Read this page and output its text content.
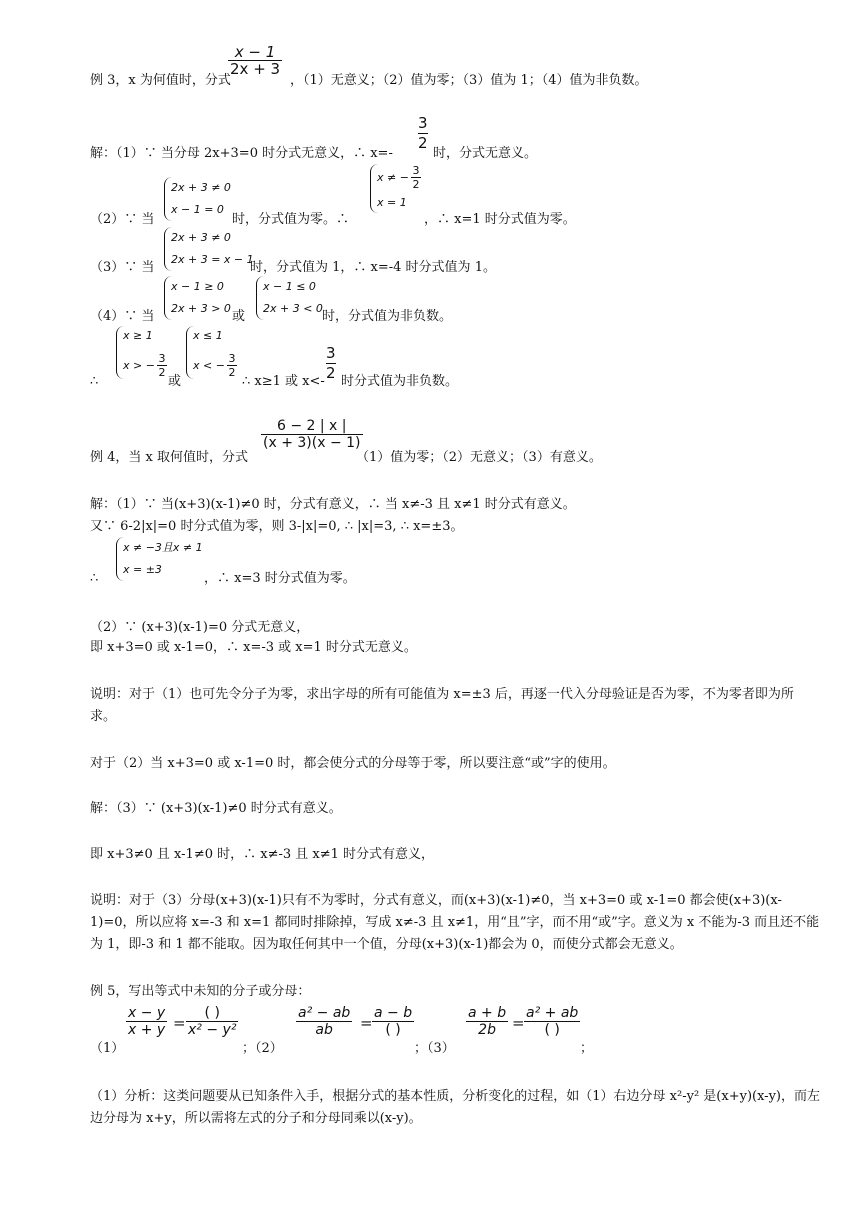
x − 1
2x + 3
例 3，x 为何值时，分式	，（1）无意义；（2）值为零；（3）值为 1；（4）值为非负数。
解：（1）∵ 当分母 2x+3=0 时分式无意义，∴ x=-
3
2
时，分式无意义。
（2）∵ 当
2x + 3 ≠ 0
x − 1 = 0
时，分式值为零。∴
x ≠ − 3
2
x = 1
，∴ x=1 时分式值为零。
（3）∵ 当
2x + 3 ≠ 0
2x + 3 = x − 1
时，分式值为 1，∴ x=-4 时分式值为 1。
（4）∵ 当
x − 1 ≥ 0
2x + 3 > 0
或
x − 1 ≤ 0
2x + 3 < 0
时，分式值为非负数。
∴
x ≥ 1
x > − 3
2
或
x ≤ 1
x < − 3
2
∴ x≥1 或 x<-
3
2 时分式值为非负数。
例 4，当 x 取何值时，分式
6 − 2 | x |
(x + 3)(x − 1)
（1）值为零；（2）无意义；（3）有意义。
解：（1）∵ 当(x+3)(x-1)≠0 时，分式有意义，∴ 当 x≠-3 且 x≠1 时分式有意义。
又∵ 6-2|x|=0 时分式值为零，则 3-|x|=0, ∴ |x|=3, ∴ x=±3。
∴
x ≠ −3且x ≠ 1
x = ±3
，∴ x=3 时分式值为零。
（2）∵ (x+3)(x-1)=0 分式无意义，
即 x+3=0 或 x-1=0，∴ x=-3 或 x=1 时分式无意义。
说明：对于（1）也可先令分子为零，求出字母的所有可能值为 x=±3 后，再逐一代入分母验证是否为零，不为零者即为所求。
对于（2）当 x+3=0 或 x-1=0 时，都会使分式的分母等于零，所以要注意“或”字的使用。
解：（3）∵ (x+3)(x-1)≠0 时分式有意义。
即 x+3≠0 且 x-1≠0 时，∴ x≠-3 且 x≠1 时分式有意义，
说明：对于（3）分母(x+3)(x-1)只有不为零时，分式有意义，而(x+3)(x-1)≠0，当 x+3=0 或 x-1=0 都会使(x+3)(x-1)=0，所以应将 x=-3 和 x=1 都同时排除掉，写成 x≠-3 且 x≠1，用“且”字，而不用“或”字。意义为 x 不能为-3 而且还不能为 1，即-3 和 1 都不能取。因为取任何其中一个值，分母(x+3)(x-1)都会为 0，而使分式都会无意义。
例 5，写出等式中未知的分子或分母：
（1）
x − y
x + y =
( )
x² − y²
；（2）
a² − ab
ab =
a − b
( )
；（3）
a + b
2b =
a² + ab
( )
；
（1）分析：这类问题要从已知条件入手，根据分式的基本性质，分析变化的过程，如（1）右边分母 x²-y² 是(x+y)(x-y)，而左边分母为 x+y，所以需将左式的分子和分母同乘以(x-y)。
